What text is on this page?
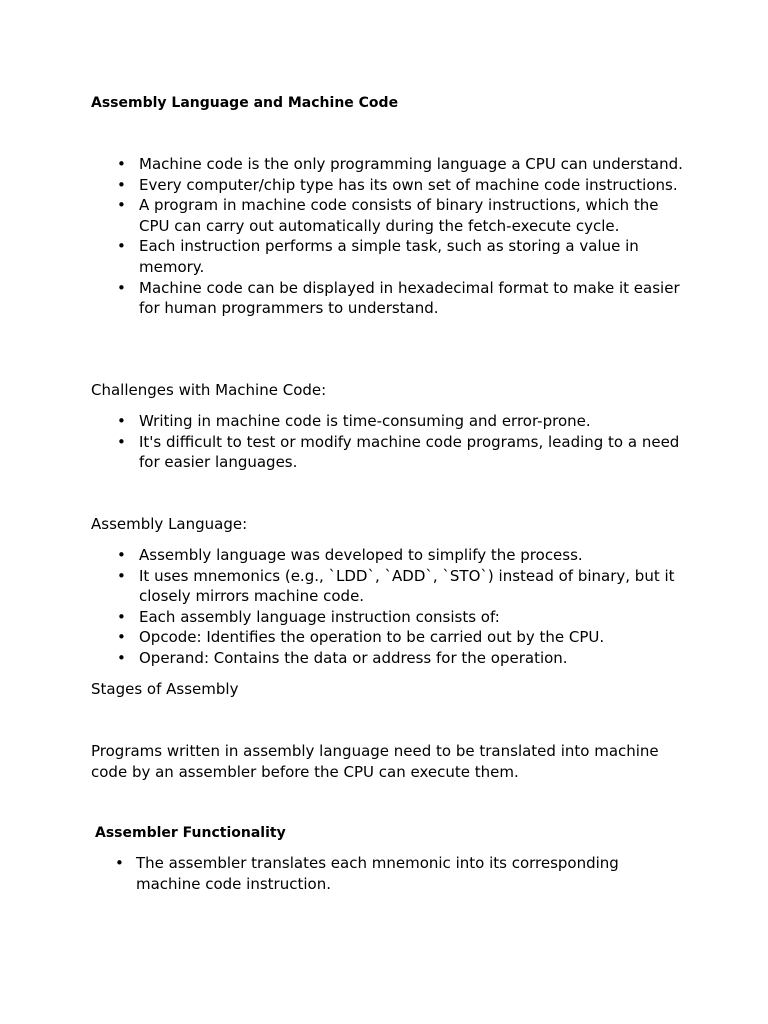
Assembly Language and Machine Code
• Machine code is the only programming language a CPU can understand.
• Every computer/chip type has its own set of machine code instructions.
• A program in machine code consists of binary instructions, which the CPU can carry out automatically during the fetch-execute cycle.
• Each instruction performs a simple task, such as storing a value in memory.
• Machine code can be displayed in hexadecimal format to make it easier for human programmers to understand.

Challenges with Machine Code:

• Writing in machine code is time-consuming and error-prone.
• It's difficult to test or modify machine code programs, leading to a need for easier languages.

Assembly Language:

• Assembly language was developed to simplify the process.
• It uses mnemonics (e.g., `LDD`, `ADD`, `STO`) instead of binary, but it closely mirrors machine code.
• Each assembly language instruction consists of:
• Opcode: Identifies the operation to be carried out by the CPU.
• Operand: Contains the data or address for the operation.

Stages of Assembly

Programs written in assembly language need to be translated into machine code by an assembler before the CPU can execute them.

Assembler Functionality
• The assembler translates each mnemonic into its corresponding machine code instruction.
